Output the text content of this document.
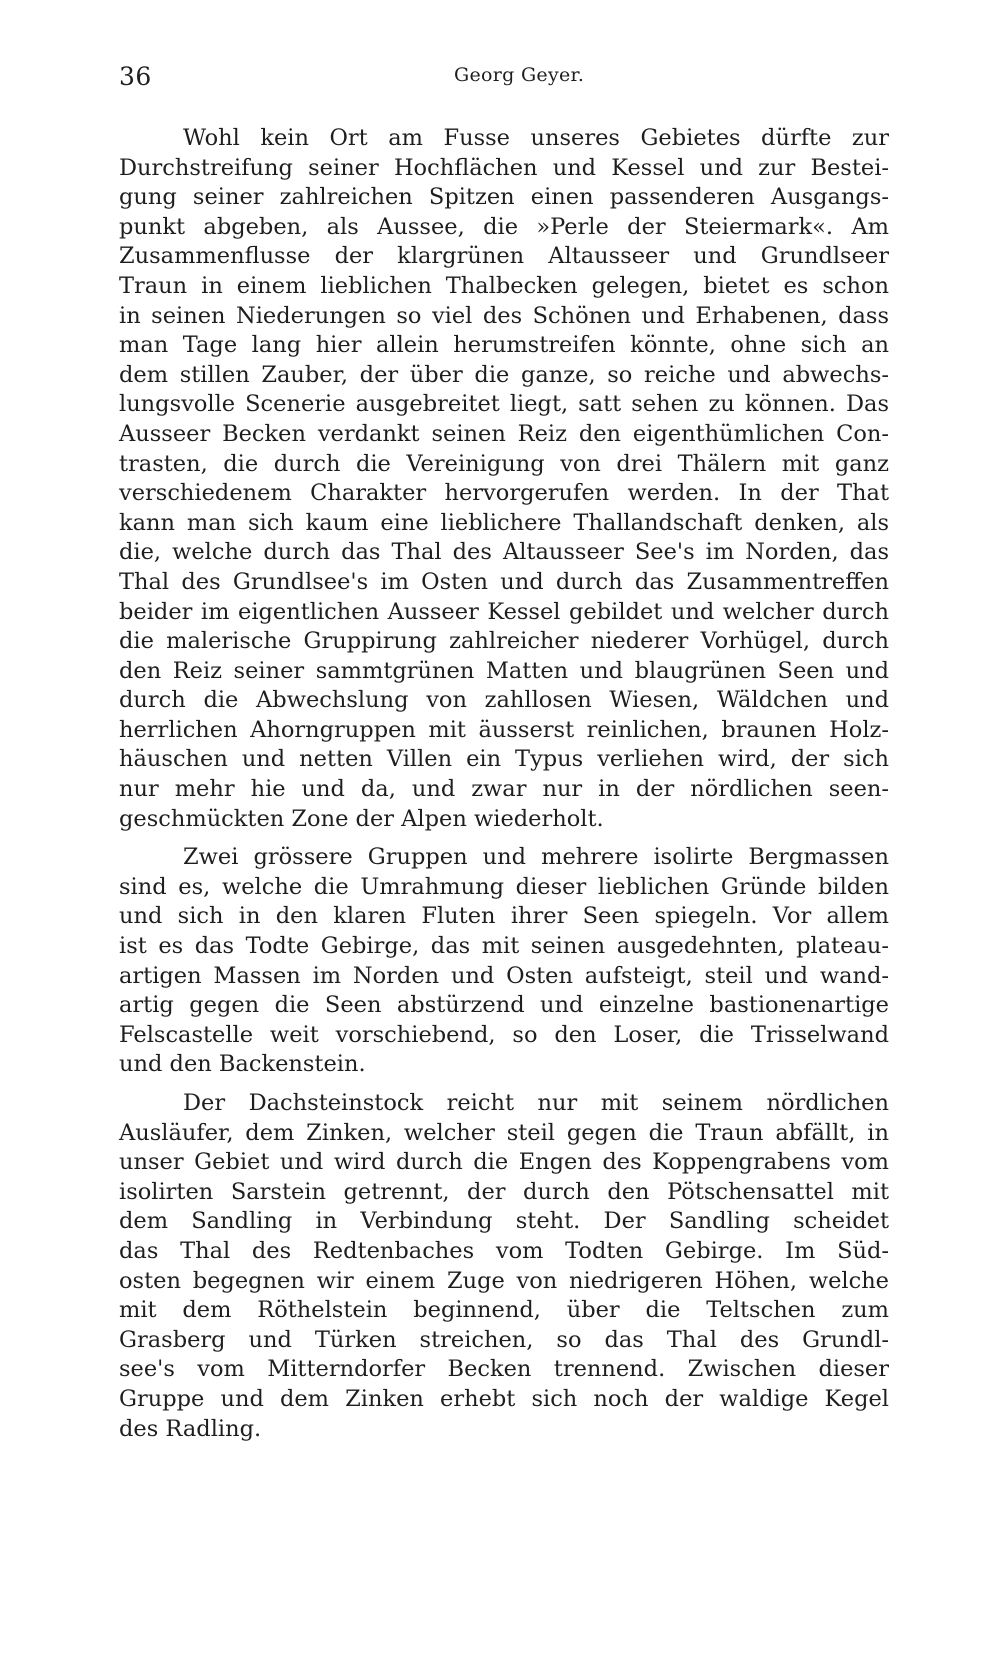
36	Georg Geyer.
Wohl kein Ort am Fusse unseres Gebietes dürfte zur
Durchstreifung seiner Hochflächen und Kessel und zur Bestei-
gung seiner zahlreichen Spitzen einen passenderen Ausgangs-
punkt abgeben, als Aussee, die »Perle der Steiermark«. Am
Zusammenflusse der klargrünen Altausseer und Grundlseer
Traun in einem lieblichen Thalbecken gelegen, bietet es schon
in seinen Niederungen so viel des Schönen und Erhabenen, dass
man Tage lang hier allein herumstreifen könnte, ohne sich an
dem stillen Zauber, der über die ganze, so reiche und abwechs-
lungsvolle Scenerie ausgebreitet liegt, satt sehen zu können. Das
Ausseer Becken verdankt seinen Reiz den eigenthümlichen Con-
trasten, die durch die Vereinigung von drei Thälern mit ganz
verschiedenem Charakter hervorgerufen werden. In der That
kann man sich kaum eine lieblichere Thallandschaft denken, als
die, welche durch das Thal des Altausseer See's im Norden, das
Thal des Grundlsee's im Osten und durch das Zusammentreffen
beider im eigentlichen Ausseer Kessel gebildet und welcher durch
die malerische Gruppirung zahlreicher niederer Vorhügel, durch
den Reiz seiner sammtgrünen Matten und blaugrünen Seen und
durch die Abwechslung von zahllosen Wiesen, Wäldchen und
herrlichen Ahorngruppen mit äusserst reinlichen, braunen Holz-
häuschen und netten Villen ein Typus verliehen wird, der sich
nur mehr hie und da, und zwar nur in der nördlichen seen-
geschmückten Zone der Alpen wiederholt.
Zwei grössere Gruppen und mehrere isolirte Bergmassen
sind es, welche die Umrahmung dieser lieblichen Gründe bilden
und sich in den klaren Fluten ihrer Seen spiegeln. Vor allem
ist es das Todte Gebirge, das mit seinen ausgedehnten, plateau-
artigen Massen im Norden und Osten aufsteigt, steil und wand-
artig gegen die Seen abstürzend und einzelne bastionenartige
Felscastelle weit vorschiebend, so den Loser, die Trisselwand
und den Backenstein.
Der Dachsteinstock reicht nur mit seinem nördlichen
Ausläufer, dem Zinken, welcher steil gegen die Traun abfällt, in
unser Gebiet und wird durch die Engen des Koppengrabens vom
isolirten Sarstein getrennt, der durch den Pötschensattel mit
dem Sandling in Verbindung steht. Der Sandling scheidet
das Thal des Redtenbaches vom Todten Gebirge. Im Süd-
osten begegnen wir einem Zuge von niedrigeren Höhen, welche
mit dem Röthelstein beginnend, über die Teltschen zum
Grasberg und Türken streichen, so das Thal des Grundl-
see's vom Mitterndorfer Becken trennend. Zwischen dieser
Gruppe und dem Zinken erhebt sich noch der waldige Kegel
des Radling.
